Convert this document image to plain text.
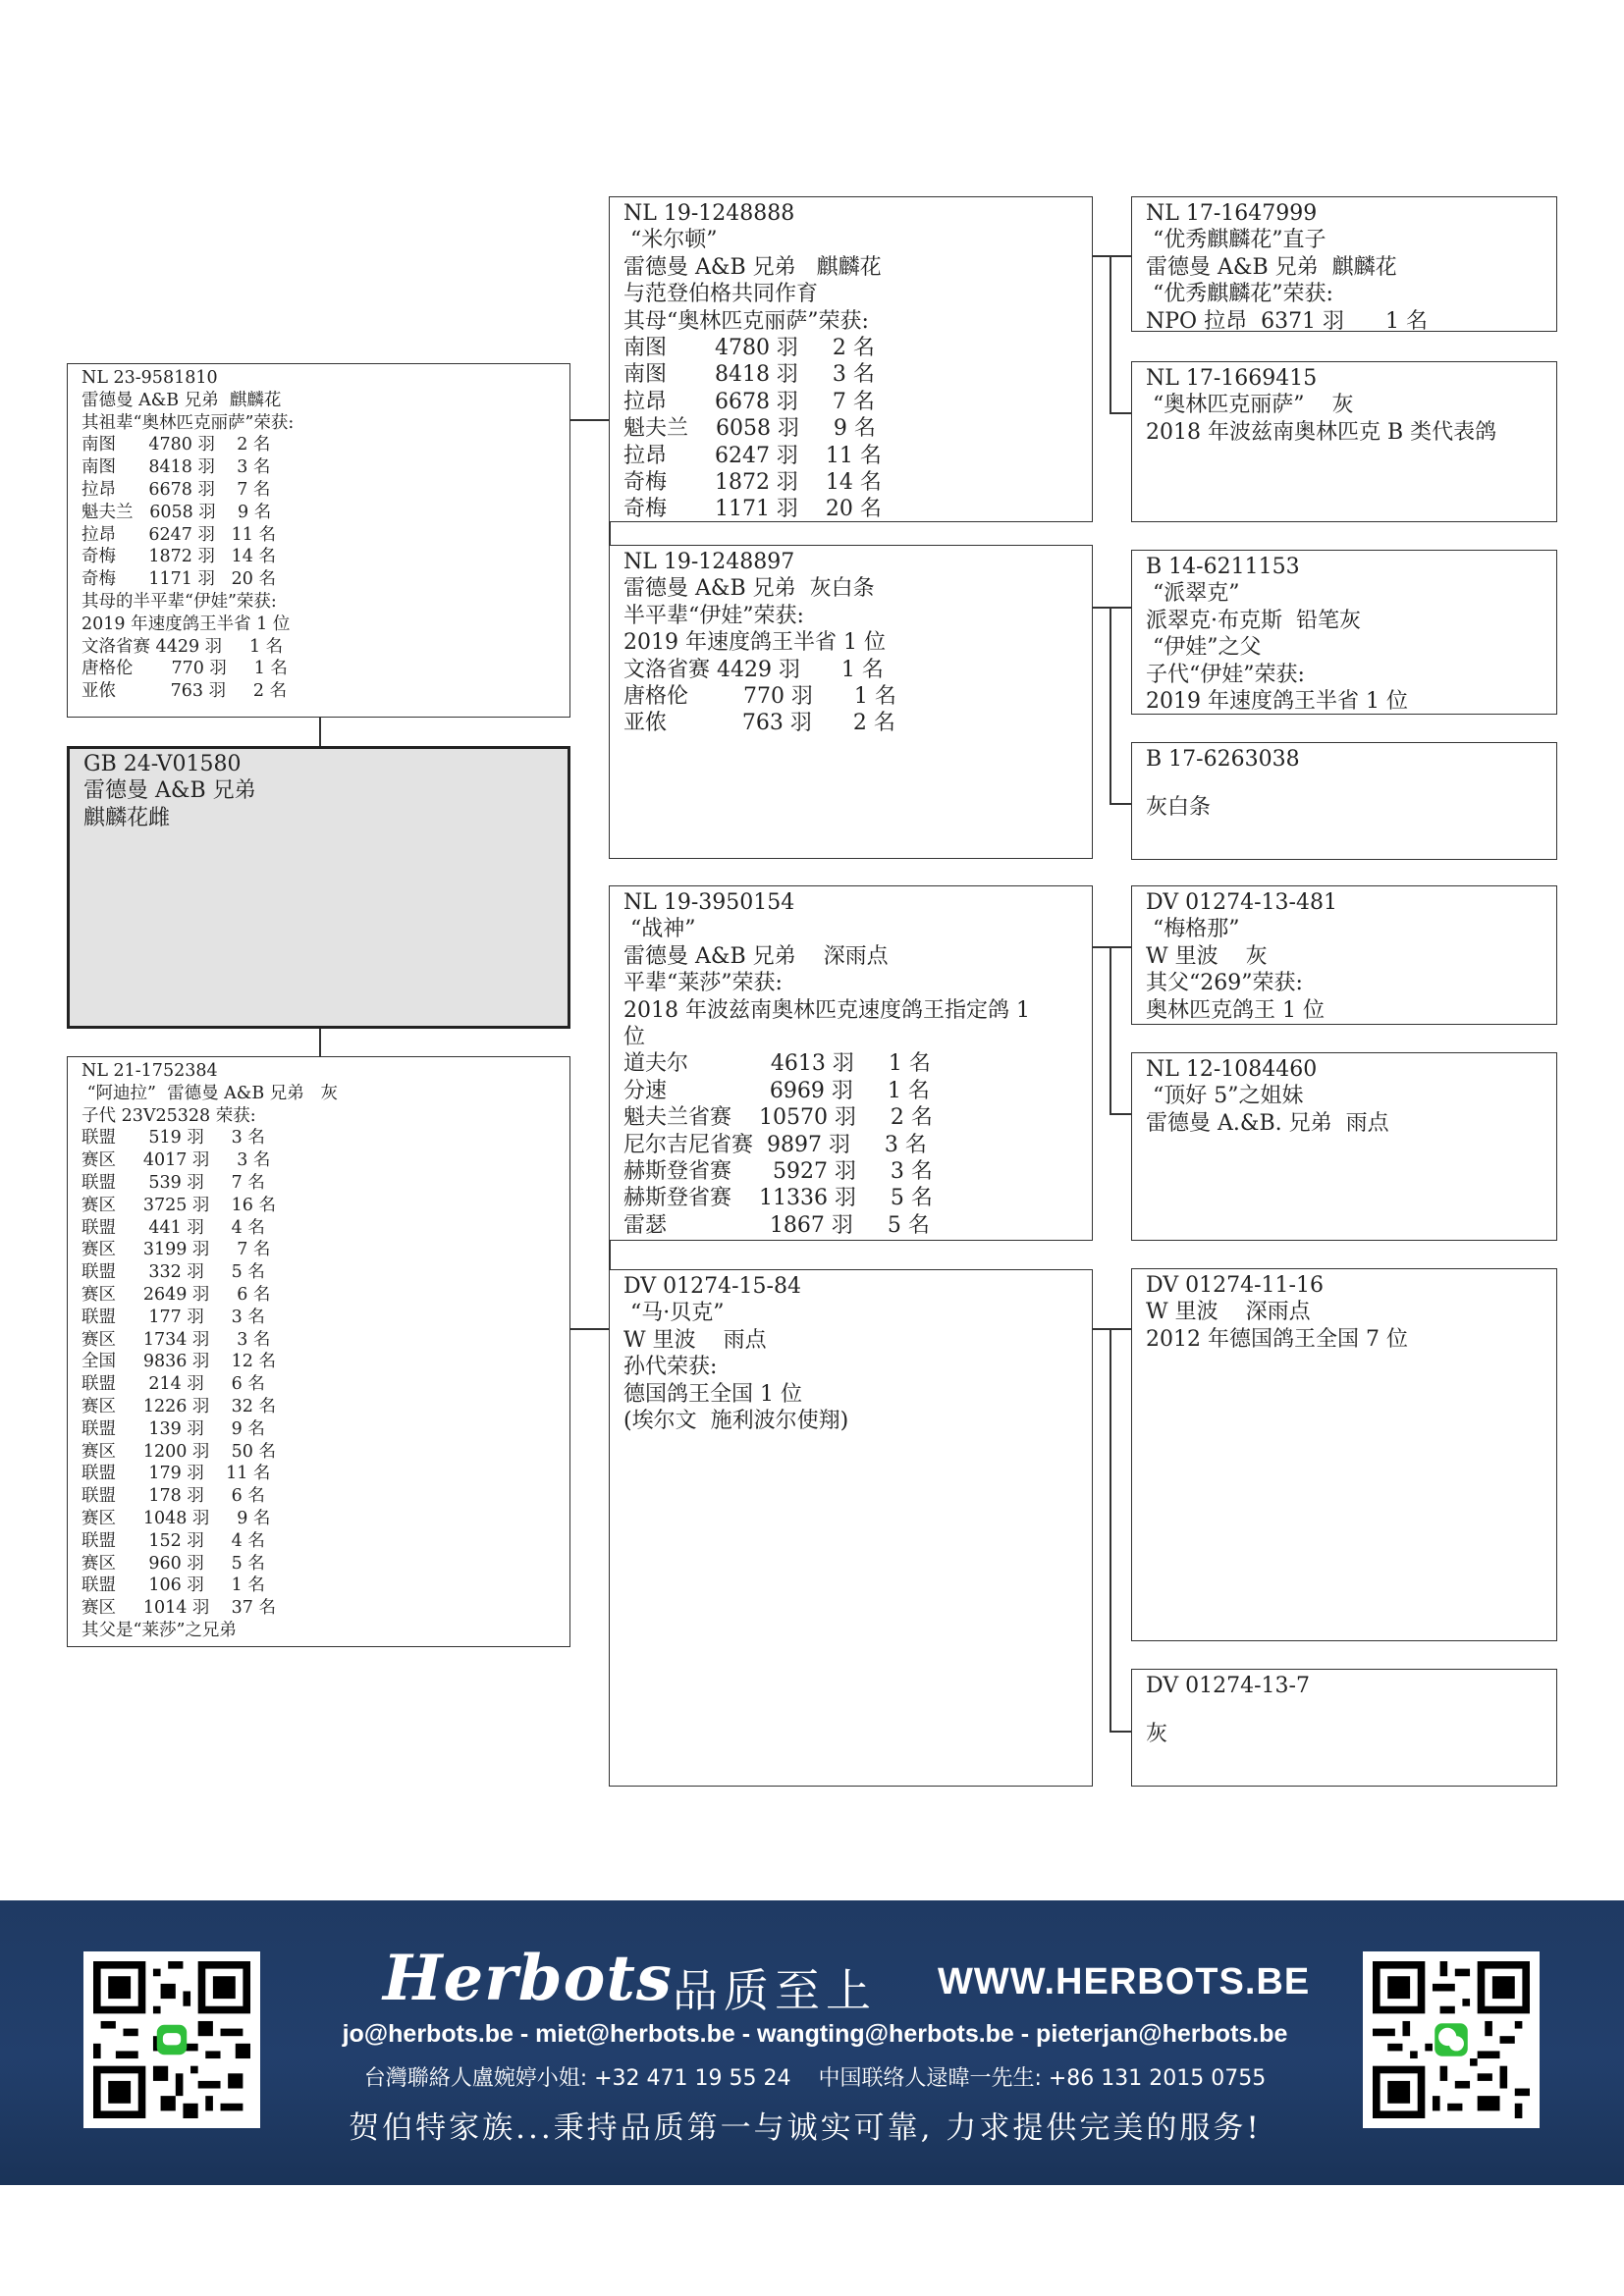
NL 23-9581810
雷德曼 A&B 兄弟  麒麟花
其祖辈“奥林匹克丽萨”荣获:
南图      4780 羽    2 名
南图      8418 羽    3 名
拉昂      6678 羽    7 名
魁夫兰   6058 羽    9 名
拉昂      6247 羽   11 名
奇梅      1872 羽   14 名
奇梅      1171 羽   20 名
其母的半平辈“伊娃”荣获:
2019 年速度鸽王半省 1 位
文洛省赛 4429 羽     1 名
唐格伦       770 羽     1 名
亚侬          763 羽     2 名
GB 24-V01580
雷德曼 A&B 兄弟
麒麟花雌
NL 21-1752384
“阿迪拉”  雷德曼 A&B 兄弟   灰
子代 23V25328 荣获:
联盟      519 羽     3 名
赛区     4017 羽     3 名
联盟      539 羽     7 名
赛区     3725 羽    16 名
联盟      441 羽     4 名
赛区     3199 羽     7 名
联盟      332 羽     5 名
赛区     2649 羽     6 名
联盟      177 羽     3 名
赛区     1734 羽     3 名
全国     9836 羽    12 名
联盟      214 羽     6 名
赛区     1226 羽    32 名
联盟      139 羽     9 名
赛区     1200 羽    50 名
联盟      179 羽    11 名
联盟      178 羽     6 名
赛区     1048 羽     9 名
联盟      152 羽     4 名
赛区      960 羽     5 名
联盟      106 羽     1 名
赛区     1014 羽    37 名
其父是“莱莎”之兄弟
NL 19-1248888
“米尔顿”
雷德曼 A&B 兄弟   麒麟花
与范登伯格共同作育
其母“奥林匹克丽萨”荣获:
南图       4780 羽     2 名
南图       8418 羽     3 名
拉昂       6678 羽     7 名
魁夫兰    6058 羽     9 名
拉昂       6247 羽    11 名
奇梅       1872 羽    14 名
奇梅       1171 羽    20 名
NL 19-1248897
雷德曼 A&B 兄弟  灰白条
半平辈“伊娃”荣获:
2019 年速度鸽王半省 1 位
文洛省赛 4429 羽      1 名
唐格伦        770 羽      1 名
亚侬           763 羽      2 名
NL 19-3950154
“战神”
雷德曼 A&B 兄弟    深雨点
平辈“莱莎”荣获:
2018 年波兹南奥林匹克速度鸽王指定鸽 1
位
道夫尔            4613 羽     1 名
分速               6969 羽     1 名
魁夫兰省赛    10570 羽     2 名
尼尔吉尼省赛  9897 羽     3 名
赫斯登省赛      5927 羽     3 名
赫斯登省赛    11336 羽     5 名
雷瑟               1867 羽     5 名
DV 01274-15-84
“马·贝克”
W 里波    雨点
孙代荣获:
德国鸽王全国 1 位
(埃尔文  施利波尔使翔)
NL 17-1647999
“优秀麒麟花”直子
雷德曼 A&B 兄弟  麒麟花
“优秀麒麟花”荣获:
NPO 拉昂  6371 羽      1 名
NL 17-1669415
“奥林匹克丽萨”    灰
2018 年波兹南奥林匹克 B 类代表鸽
B 14-6211153
“派翠克”
派翠克·布克斯  铅笔灰
“伊娃”之父
子代“伊娃”荣获:
2019 年速度鸽王半省 1 位
B 17-6263038
灰白条
DV 01274-13-481
“梅格那”
W 里波    灰
其父“269”荣获:
奥林匹克鸽王 1 位
NL 12-1084460
“顶好 5”之姐妹
雷德曼 A.&B. 兄弟  雨点
DV 01274-11-16
W 里波    深雨点
2012 年德国鸽王全国 7 位
DV 01274-13-7
灰
Herbots 品质至上 WWW.HERBOTS.BE
jo@herbots.be - miet@herbots.be - wangting@herbots.be - pieterjan@herbots.be
台灣聯絡人盧婉婷小姐: +32 471 19 55 24    中国联络人逯暐一先生: +86 131 2015 0755
贺伯特家族...秉持品质第一与诚实可靠, 力求提供完美的服务!
